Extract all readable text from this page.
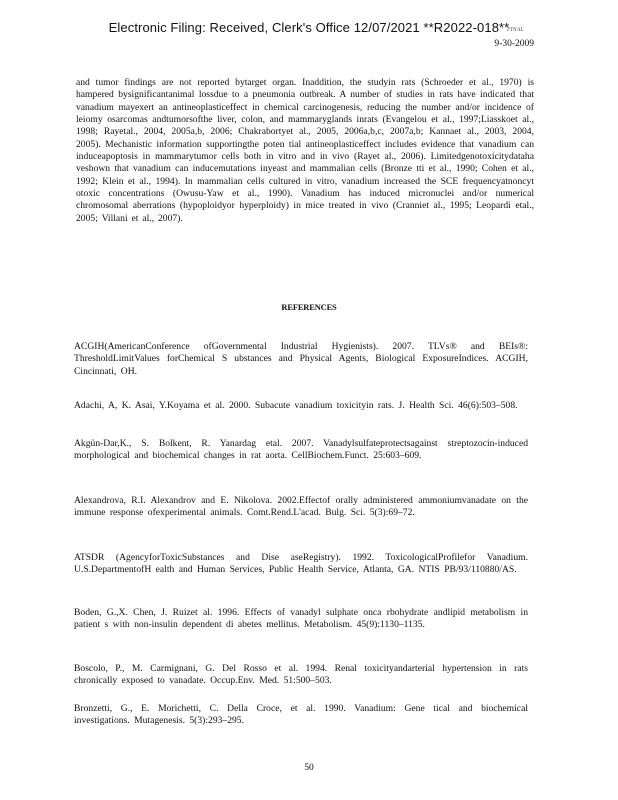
Electronic Filing: Received, Clerk's Office 12/07/2021 **R2022-018**
FINAL
9-30-2009

and tumor findings are not reported bytarget organ. Inaddition, the studyin rats (Schroeder et al., 1970) is hampered bysignificantanimal lossdue to a pneumonia outbreak. A number of studies in rats have indicated that vanadium mayexert an antineoplasticeffect in chemical carcinogenesis, reducing the number and/or incidence of leiomy osarcomas andtumorsofthe liver, colon, and mammaryglands inrats (Evangelou et al., 1997;Liasskoet al., 1998; Rayetal., 2004, 2005a,b, 2006; Chakrabortyet al., 2005, 2006a,b,c, 2007a,b; Kannaet al., 2003, 2004, 2005). Mechanistic information supportingthe poten tial antineoplasticeffect includes evidence that vanadium can induceapoptosis in mammarytumor cells both in vitro and in vivo (Rayet al., 2006). Limitedgenotoxicitydataha veshown that vanadium can inducemutations inyeast and mammalian cells (Bronze tti et al., 1990; Cohen et al., 1992; Klein et al., 1994). In mammalian cells cultured in vitro, vanadium increased the SCE frequencyatnoncyt otoxic concentrations (Owusu-Yaw et al., 1990). Vanadium has induced micronuclei and/or numerical chromosomal aberrations (hypoploidyor hyperploidy) in mice treated in vivo (Cranniet al., 1995; Leopardi etal., 2005; Villani et al., 2007).

REFERENCES

ACGIH(AmericanConference ofGovernmental Industrial Hygienists). 2007. TLVs® and BEIs®: ThresholdLimitValues forChemical S ubstances and Physical Agents, Biological ExposureIndices. ACGIH, Cincinnati, OH.

Adachi, A, K. Asai, Y.Koyama et al. 2000. Subacute vanadium toxicityin rats. J. Health Sci. 46(6):503–508.

Akgün-Dar,K., S. Bolkent, R. Yanardag etal. 2007. Vanadylsulfateprotectsagainst streptozocin-induced morphological and biochemical changes in rat aorta. CellBiochem.Funct. 25:603–609.

Alexandrova, R.I. Alexandrov and E. Nikolova. 2002.Effectof orally administered ammoniumvanadate on the immune response ofexperimental animals. Comt.Rend.L'acad. Bulg. Sci. 5(3):69–72.

ATSDR (AgencyforToxicSubstances and Dise aseRegistry). 1992. ToxicologicalProfilefor Vanadium. U.S.DepartmentofH ealth and Human Services, Public Health Service, Atlanta, GA. NTIS PB/93/110880/AS.

Boden, G.,X. Chen, J. Ruizet al. 1996. Effects of vanadyl sulphate onca rbohydrate andlipid metabolism in patient s with non-insulin dependent di abetes mellitus. Metabolism. 45(9):1130–1135.

Boscolo, P., M. Carmignani, G. Del Rosso et al. 1994. Renal toxicityandarterial hypertension in rats chronically exposed to vanadate. Occup.Env. Med. 51:500–503.

Bronzetti, G., E. Morichetti, C. Della Croce, et al. 1990. Vanadium: Gene tical and biochemical investigations. Mutagenesis. 5(3):293–295.

50
